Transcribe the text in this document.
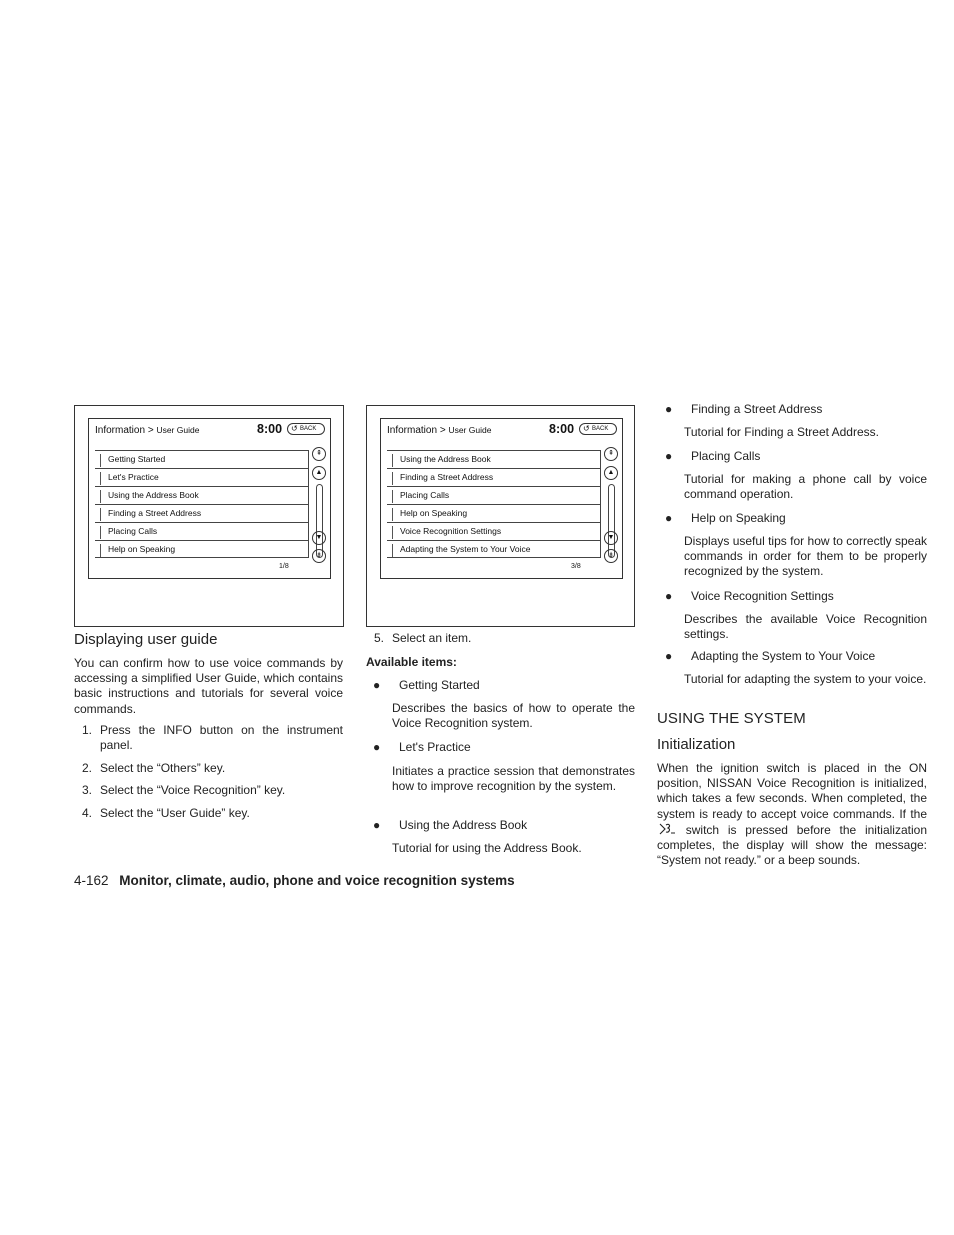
Information > User Guide	8:00 ↺ BACK
Getting Started
Let's Practice
Using the Address Book
Finding a Street Address
Placing Calls
Help on Speaking
⇞
▲
▼
⇟
1/8
Information > User Guide	8:00 ↺ BACK
Using the Address Book
Finding a Street Address
Placing Calls
Help on Speaking
Voice Recognition Settings
Adapting the System to Your Voice
⇞
▲
▼
⇟
3/8
Displaying user guide
You can confirm how to use voice commands by accessing a simplified User Guide, which contains basic instructions and tutorials for several voice commands.
1. Press the INFO button on the instrument panel.
2. Select the “Others” key.
3. Select the “Voice Recognition” key.
4. Select the “User Guide” key.
5. Select an item.
Available items:
●	Getting Started
Describes the basics of how to operate the Voice Recognition system.
●	Let's Practice
Initiates a practice session that demonstrates how to improve recognition by the system.
●	Using the Address Book
Tutorial for using the Address Book.
●	Finding a Street Address
Tutorial for Finding a Street Address.
●	Placing Calls
Tutorial for making a phone call by voice command operation.
●	Help on Speaking
Displays useful tips for how to correctly speak commands in order for them to be properly recognized by the system.
●	Voice Recognition Settings
Describes the available Voice Recognition settings.
●	Adapting the System to Your Voice
Tutorial for adapting the system to your voice.
USING THE SYSTEM
Initialization
When the ignition switch is placed in the ON position, NISSAN Voice Recognition is initialized, which takes a few seconds. When completed, the system is ready to accept voice commands. If the  switch is pressed before the initialization completes, the display will show the message: “System not ready.” or a beep sounds.
4-162 Monitor, climate, audio, phone and voice recognition systems
